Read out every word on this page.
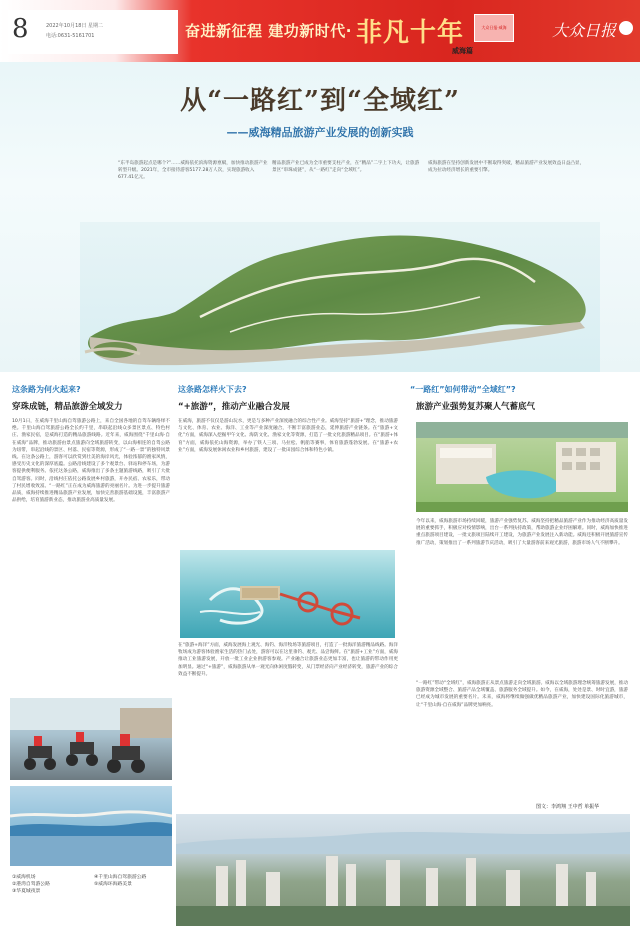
8	2022年10月18日 星期二
电话:0631-5161701	奋进新征程 建功新时代· 非凡十年	大众日报·威海	大众日报
威海篇
从“一路红”到“全域红”
——威海精品旅游产业发展的创新实践
“东半岛旅游起点是哪个?”……威海依托滨海资源禀赋，加快推动旅游产业转型升级。2021年，全市接待游客5177.28万人次，实现旅游收入677.41亿元。
精品旅游产业已成为全市重要支柱产业，在“精品”二字上下功夫，让旅游景区“串珠成链”，从“一路红”走向“全域红”。
威海旅游在坚持创新发展中不断取得突破，精品旅游产业发展效益日益凸显，成为拉动经济增长的重要引擎。
这条路为何火起来?
穿珠成链，精品旅游全域发力
10月1日，在威海千里山海自驾旅游公路上，来自全国各地的自驾车辆络绎不绝。千里山海自驾旅游公路全长约千里，串联起沿线众多景区景点、特色村庄、渔家民宿，是威海打造的精品旅游线路。近年来，威海围绕“千里山海·自在威海”品牌，推动旅游由景点旅游向全域旅游转变，以山海相连的自驾公路为纽带，串起沿线的景区、村落、民宿等资源，形成了“一路一景”的独特风景线。在这条公路上，游客可以欣赏到壮美的海岸风光，体验浓郁的渔家风情，感受历史文化的深厚底蕴。公路沿线建设了多个观景台、驿站和停车场，为游客提供便利服务。依托这条公路，威海推出了多条主题旅游线路，吸引了大批自驾游客。同时，沿线村庄依托公路发展乡村旅游，开办民宿、农家乐，带动了村民增收致富。“一路红”正在成为威海旅游的亮丽名片。为进一步提升旅游品质，威海持续推进精品旅游产业发展，加快完善旅游基础设施，丰富旅游产品供给，培育旅游新业态，推动旅游业高质量发展。
这条路怎样火下去?
“+旅游”，推动产业融合发展
在威海，旅游不仅仅是游山玩水，更是与多种产业深度融合的综合性产业。威海坚持“旅游+”理念，推动旅游与文化、体育、农业、海洋、工业等产业深度融合，不断丰富旅游业态，延伸旅游产业链条。在“旅游+文化”方面，威海深入挖掘甲午文化、海防文化、渔家文化等资源，打造了一批文化旅游精品项目。在“旅游+体育”方面，威海依托山海资源，举办了铁人三项、马拉松、帆船等赛事，体育旅游蓬勃发展。在“旅游+农业”方面，威海发展休闲农业和乡村旅游，建设了一批田园综合体和特色小镇。
在“旅游+海洋”方面，威海发展海上观光、海钓、海洋牧场等旅游项目，打造了一批海洋旅游精品线路。海洋牧场成为游客体验渔家生活的热门去处，游客可以在这里垂钓、观光、品尝海鲜。在“旅游+工业”方面，威海推动工业旅游发展，开放一批工业企业供游客参观。产业融合让旅游业态更加丰富，也让旅游的带动作用更加明显。通过“+旅游”，威海旅游从单一观光向休闲度假转变，从门票经济向产业经济转变，旅游产业的综合效益不断提升。
“一路红”如何带动“全域红”?
旅游产业强势复苏聚人气蓄底气
今年以来，威海旅游市场持续回暖，旅游产业强势复苏。威海坚持把精品旅游产业作为推动经济高质量发展的重要抓手，积极应对疫情影响，出台一系列扶持政策，帮助旅游企业纾困解难。同时，威海加快推进重点旅游项目建设，一批文旅项目陆续开工建设，为旅游产业发展注入新动能。威海还积极开展旅游宣传推广活动，策划推出了一系列旅游节庆活动，吸引了大量游客前来观光旅游，旅游市场人气不断攀升。
“一路红”带动“全域红”，威海旅游正从景点旅游走向全域旅游。威海以全域旅游理念统筹旅游发展，推动旅游资源全域整合、旅游产品全域覆盖、旅游服务全域提升。如今，在威海，处处是景、时时宜游，旅游已经成为城市发展的重要名片。未来，威海将继续做强做优精品旅游产业，加快建设国际化旅游城市，让“千里山海·自在威海”品牌更加响亮。
图文：李鸿翔 王中哲 单振华
①威海机场
②港湾自驾游公路
③华夏城夜景
④千里山海自驾旅游公路
⑤威海环海路美景
